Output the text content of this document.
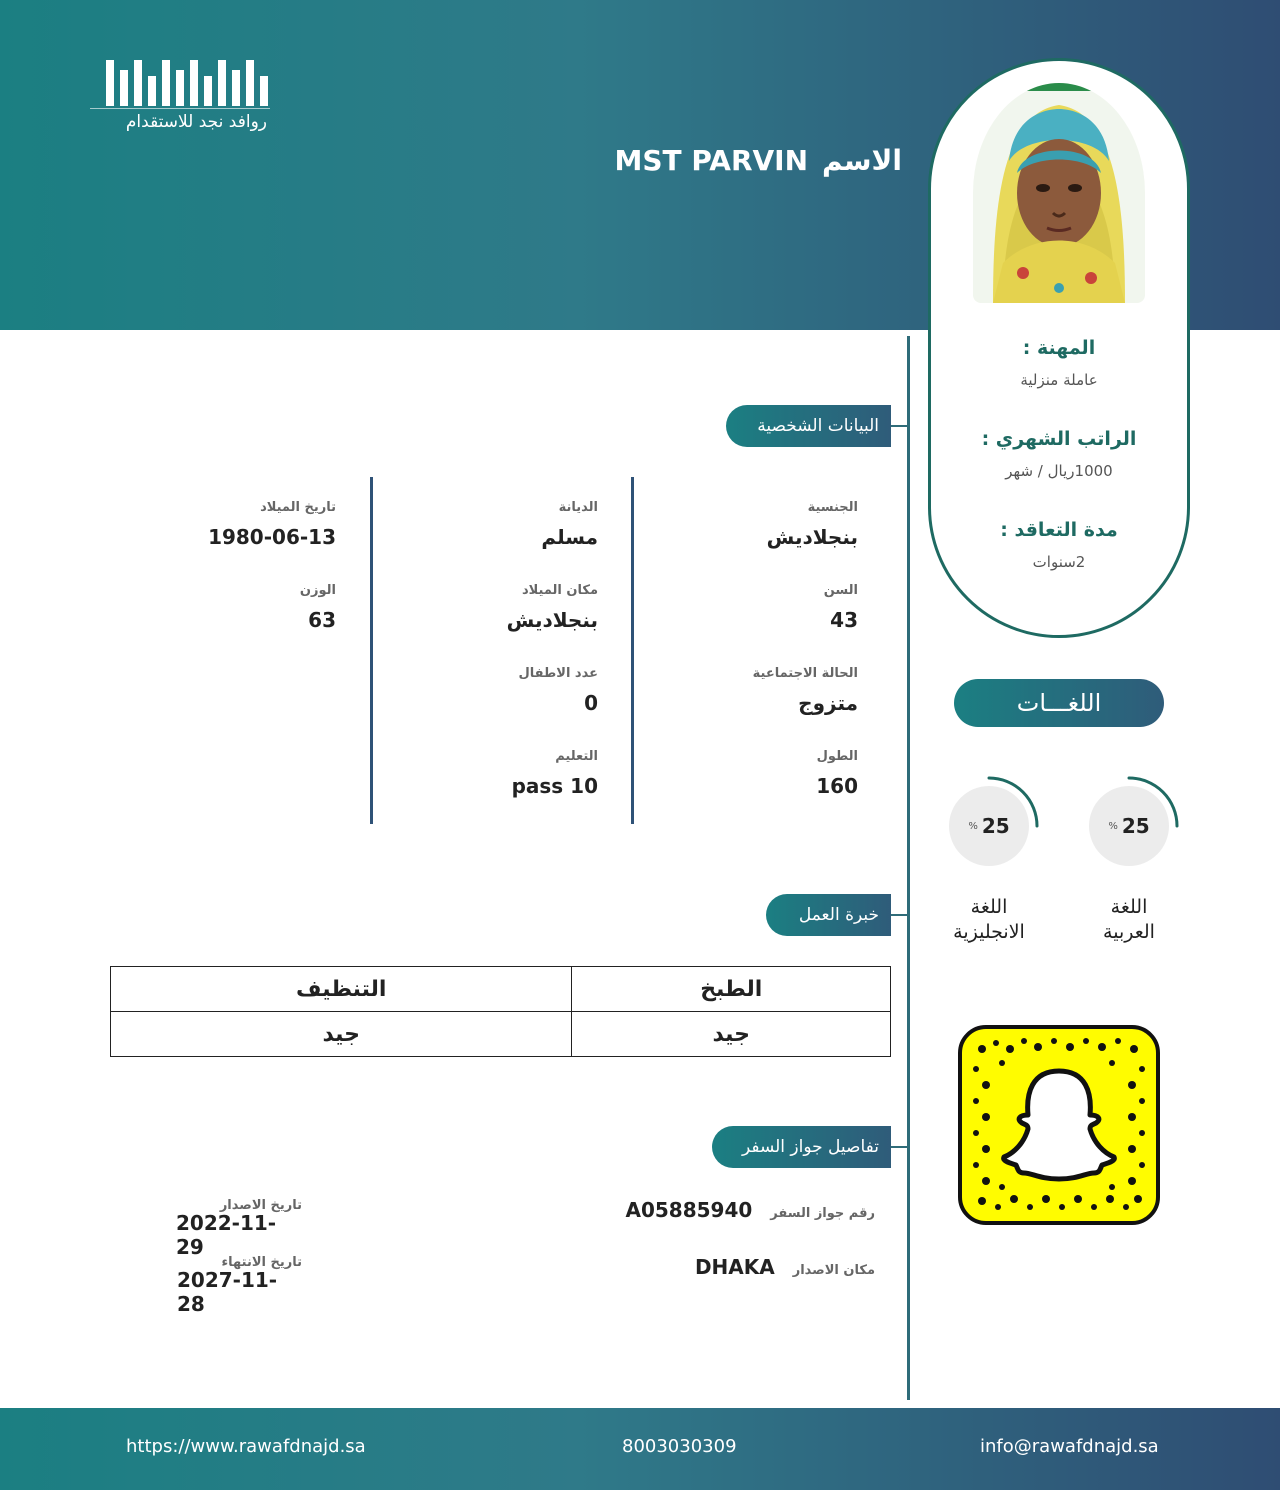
روافد نجد للاستقدام
الاسم
MST PARVIN
المهنة :
عاملة منزلية
الراتب الشهري :
1000ريال / شهر
مدة التعاقد :
2سنوات
البيانات الشخصية
الجنسية
بنجلاديش
السن
43
الحالة الاجتماعية
متزوج
الطول
160
الديانة
مسلم
مكان الميلاد
بنجلاديش
عدد الاطفال
0
التعليم
pass 10
تاريخ الميلاد
1980-06-13
الوزن
63
خبرة العمل
الطبخ	التنظيف
جيد	جيد
تفاصيل جواز السفر
رقم جواز السفر
A05885940
مكان الاصدار
DHAKA
تاريخ الاصدار
2022-11-29
تاريخ الانتهاء
2027-11-28
اللغـــات
% 25
اللغة
العربية
% 25
اللغة
الانجليزية
https://www.rawafdnajd.sa	8003030309	info@rawafdnajd.sa
